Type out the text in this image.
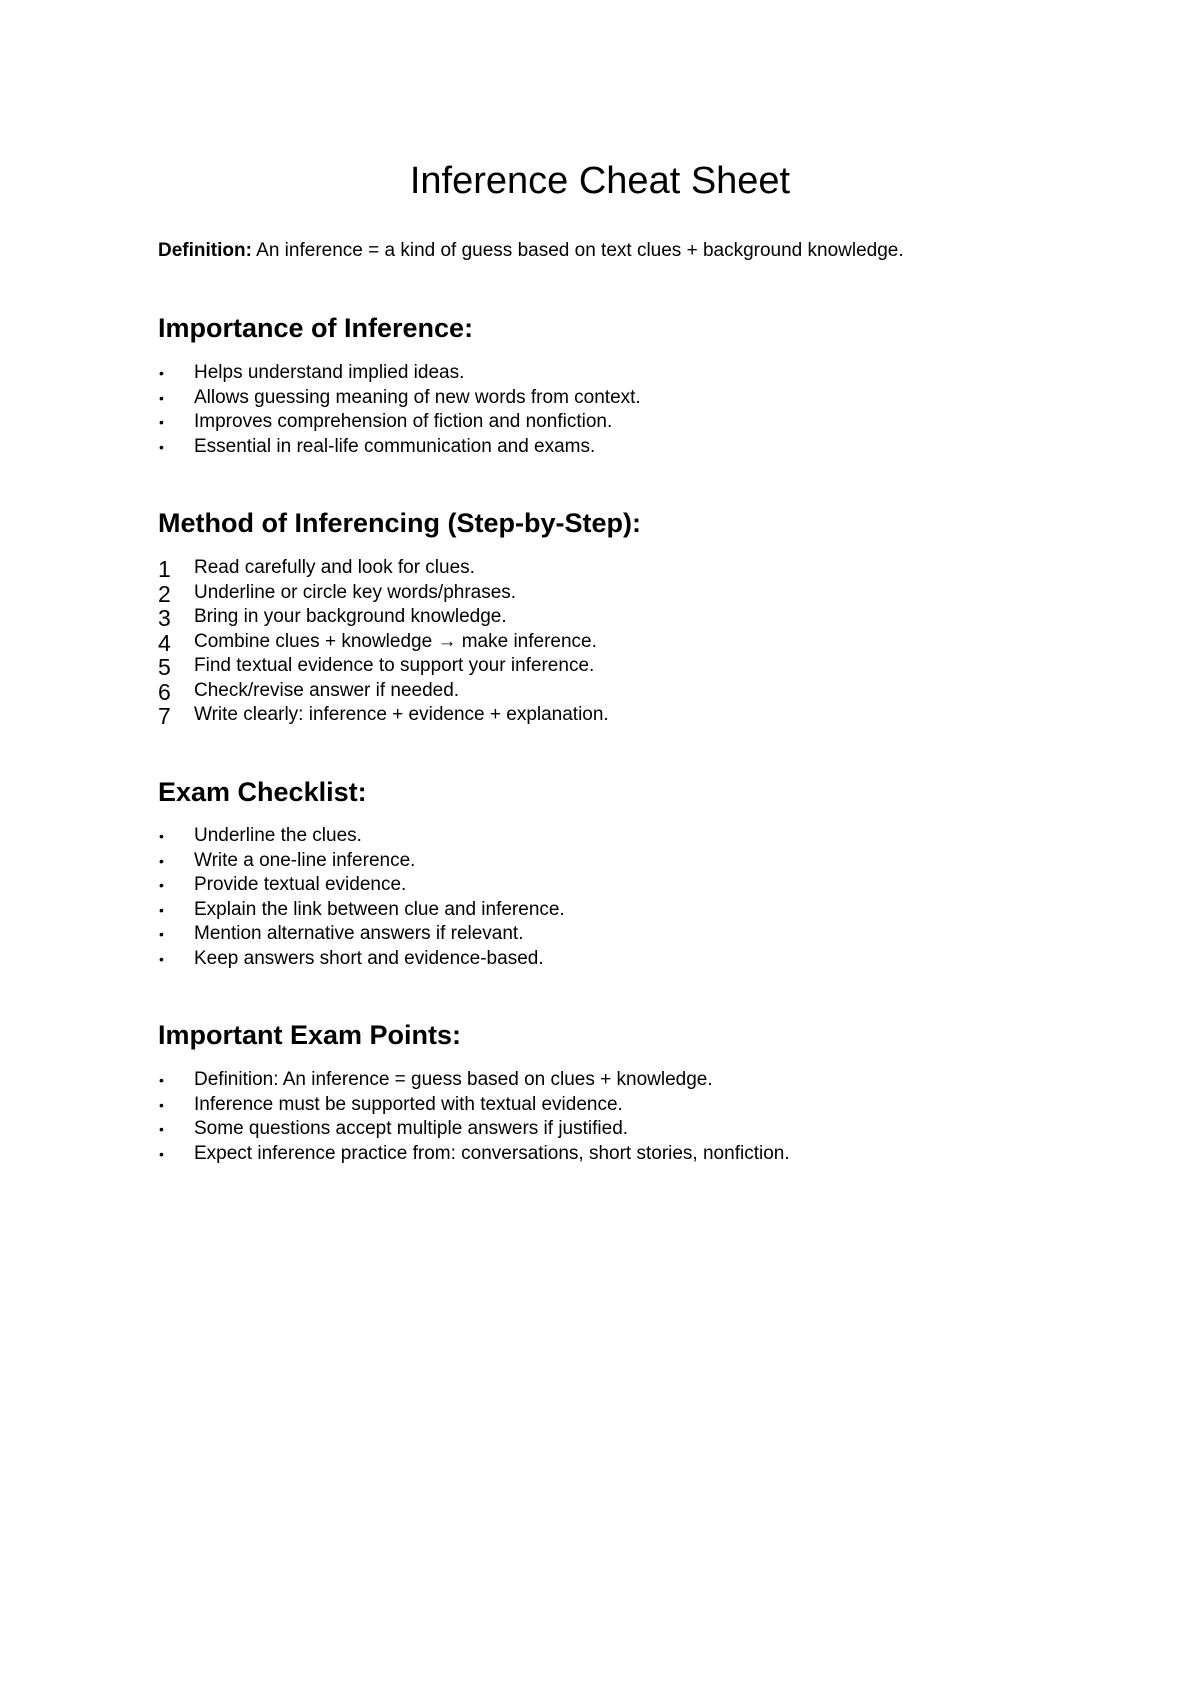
Inference Cheat Sheet

Definition: An inference = a kind of guess based on text clues + background knowledge.

Importance of Inference:
•	Helps understand implied ideas.
•	Allows guessing meaning of new words from context.
•	Improves comprehension of fiction and nonfiction.
•	Essential in real-life communication and exams.
Method of Inferencing (Step-by-Step):
1	Read carefully and look for clues.
2	Underline or circle key words/phrases.
3	Bring in your background knowledge.
4	Combine clues + knowledge → make inference.
5	Find textual evidence to support your inference.
6	Check/revise answer if needed.
7	Write clearly: inference + evidence + explanation.
Exam Checklist:
•	Underline the clues.
•	Write a one-line inference.
•	Provide textual evidence.
•	Explain the link between clue and inference.
•	Mention alternative answers if relevant.
•	Keep answers short and evidence-based.
Important Exam Points:
•	Definition: An inference = guess based on clues + knowledge.
•	Inference must be supported with textual evidence.
•	Some questions accept multiple answers if justified.
•	Expect inference practice from: conversations, short stories, nonfiction.
